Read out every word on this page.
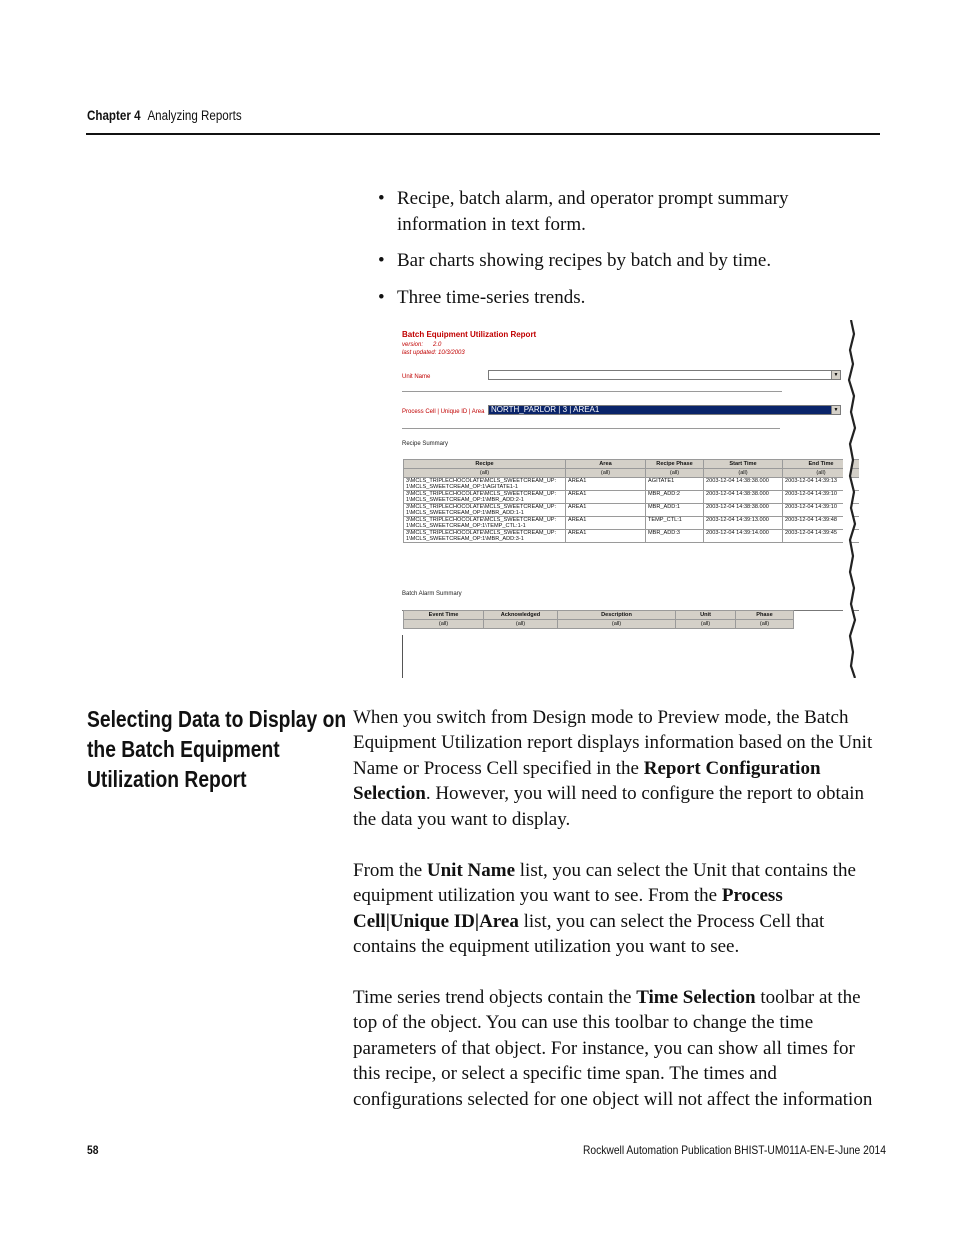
Chapter 4 Analyzing Reports
• Recipe, batch alarm, and operator prompt summary information in text form.
• Bar charts showing recipes by batch and by time.
• Three time-series trends.
Batch Equipment Utilization Report
version: 2.0
last updated: 10/3/2003
Unit Name	▼
Process Cell | Unique ID | Area NORTH_PARLOR | 3 | AREA1	▼
Recipe Summary
Recipe	Area	Recipe Phase	Start Time	End Time
(all)	(all)	(all)	(all)	(all)

3\MCLS_TRIPLECHOCOLATE\MCLS_SWEETCREAM_UP:
1\MCLS_SWEETCREAM_OP:1\AGITATE1-1	AREA1	AGITATE1	2003-12-04 14:38:38.000	2003-12-04 14:39:13

3\MCLS_TRIPLECHOCOLATE\MCLS_SWEETCREAM_UP:
1\MCLS_SWEETCREAM_OP:1\MBR_ADD:2-1	AREA1	MBR_ADD:2	2003-12-04 14:38:38.000	2003-12-04 14:39:10

3\MCLS_TRIPLECHOCOLATE\MCLS_SWEETCREAM_UP:
1\MCLS_SWEETCREAM_OP:1\MBR_ADD:1-1	AREA1	MBR_ADD:1	2003-12-04 14:38:38.000	2003-12-04 14:39:10

3\MCLS_TRIPLECHOCOLATE\MCLS_SWEETCREAM_UP:
1\MCLS_SWEETCREAM_OP:1\TEMP_CTL:1-1	AREA1	TEMP_CTL:1	2003-12-04 14:39:13.000	2003-12-04 14:39:48

3\MCLS_TRIPLECHOCOLATE\MCLS_SWEETCREAM_UP:
1\MCLS_SWEETCREAM_OP:1\MBR_ADD:3-1	AREA1	MBR_ADD:3	2003-12-04 14:39:14.000	2003-12-04 14:39:45
Batch Alarm Summary
Event Time	Acknowledged	Description	Unit	Phase
(all)	(all)	(all)	(all)	(all)
Selecting Data to Display on
the Batch Equipment
Utilization Report
When you switch from Design mode to Preview mode, the Batch Equipment Utilization report displays information based on the Unit Name or Process Cell specified in the Report Configuration Selection. However, you will need to configure the report to obtain the data you want to display.
From the Unit Name list, you can select the Unit that contains the equipment utilization you want to see. From the Process Cell|Unique ID|Area list, you can select the Process Cell that contains the equipment utilization you want to see.
Time series trend objects contain the Time Selection toolbar at the top of the object. You can use this toolbar to change the time parameters of that object. For instance, you can show all times for this recipe, or select a specific time span. The times and configurations selected for one object will not affect the information
58	Rockwell Automation Publication BHIST-UM011A-EN-E-June 2014
